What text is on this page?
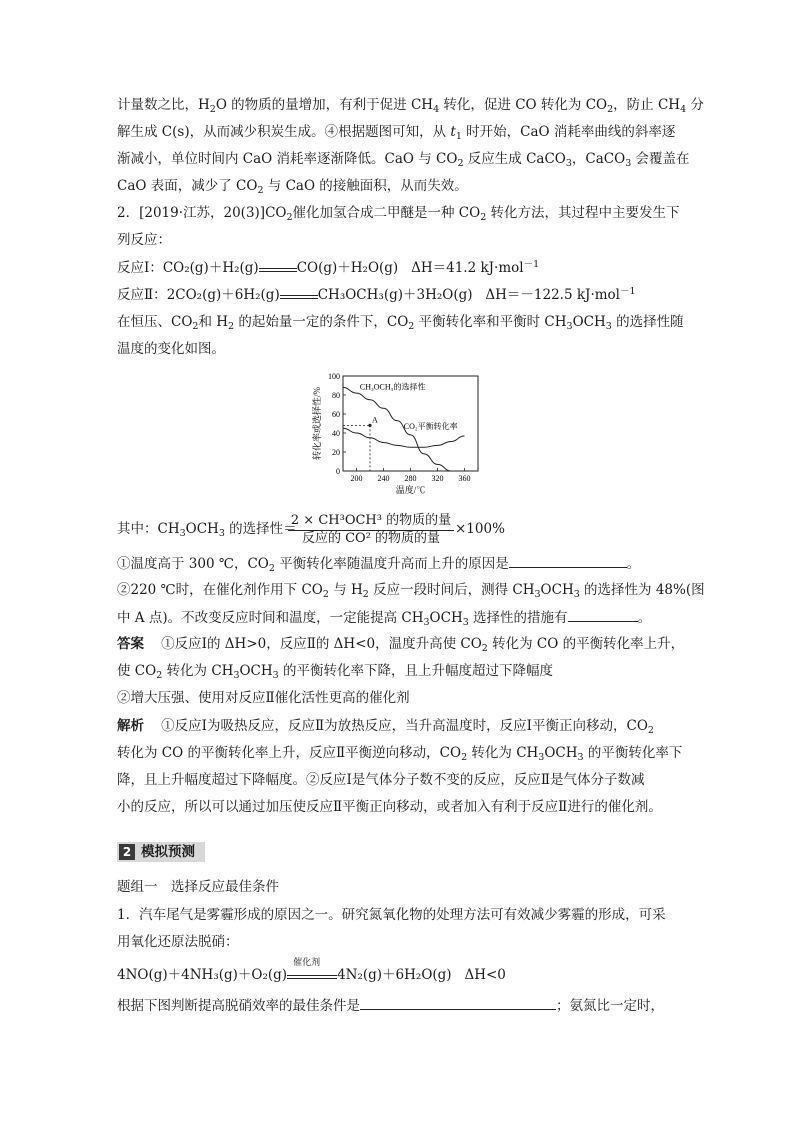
计量数之比，$H_2O$ 的物质的量增加，有利于促进 $CH_4$ 转化，促进 CO 转化为 $CO_2$，防止 $CH_4$ 分
解生成 C(s)，从而减少积炭生成。④根据题图可知，从 $t_1$ 时开始，CaO 消耗率曲线的斜率逐
渐减小，单位时间内 CaO 消耗率逐渐降低。CaO 与 $CO_2$ 反应生成 CaCO$_3$，CaCO$_3$ 会覆盖在
CaO 表面，减少了 $CO_2$ 与 CaO 的接触面积，从而失效。
2．[2019·江苏，$20(3)]CO_2$催化加氢合成二甲醚是一种 $CO_2$ 转化方法，其过程中主要发生下
列反应：
反应Ⅰ：CO₂(g)＋H₂(g)	CO(g)＋H₂O(g) ΔH＝41.2 kJ·mol$^{-1}$
反应Ⅱ：2CO₂(g)＋6H₂(g)	CH₃OCH₃(g)＋3H₂O(g) ΔH＝－122.5 kJ·mol$^{-1}$
在恒压、$CO_2$和 $H_2$ 的起始量一定的条件下，$CO_2$ 平衡转化率和平衡时 $CH_3OCH_3$ 的选择性随
温度的变化如图。
0
20
40
60
80
100
200 240 280 320 360
温度/℃
转化率或选择性/%
CH₃OCH₃的选择性
CO₂平衡转化率
A
其中：$CH_3OCH_3$ 的选择性＝
2 × CH³OCH³ 的物质的量
反应的 CO² 的物质的量
×100%
①温度高于 300 ℃，$CO_2$ 平衡转化率随温度升高而上升的原因是	。
②220 ℃时，在催化剂作用下 $CO_2$ 与 $H_2$ 反应一段时间后，测得 $CH_3OCH_3$ 的选择性为 48%(图
中 A 点)。不改变反应时间和温度，一定能提高 $CH_3OCH_3$ 选择性的措施有	。
答案 ①反应Ⅰ的 ΔH>0，反应Ⅱ的 ΔH<0，温度升高使 $CO_2$ 转化为 CO 的平衡转化率上升，
使 $CO_2$ 转化为 $CH_3OCH_3$ 的平衡转化率下降，且上升幅度超过下降幅度
②增大压强、使用对反应Ⅱ催化活性更高的催化剂
解析 ①反应Ⅰ为吸热反应，反应Ⅱ为放热反应，当升高温度时，反应Ⅰ平衡正向移动，$CO_2$
转化为 CO 的平衡转化率上升，反应Ⅱ平衡逆向移动，$CO_2$ 转化为 $CH_3OCH_3$ 的平衡转化率下
降，且上升幅度超过下降幅度。②反应Ⅰ是气体分子数不变的反应，反应Ⅱ是气体分子数减
小的反应，所以可以通过加压使反应Ⅱ平衡正向移动，或者加入有利于反应Ⅱ进行的催化剂。
2 模拟预测
题组一　选择反应最佳条件
1．汽车尾气是雾霾形成的原因之一。研究氮氧化物的处理方法可有效减少雾霾的形成，可采
用氧化还原法脱硝：
4NO(g)＋4NH₃(g)＋O₂(g)
催化剂
4N₂(g)＋6H₂O(g) ΔH<0
根据下图判断提高脱硝效率的最佳条件是	；氨氮比一定时，
